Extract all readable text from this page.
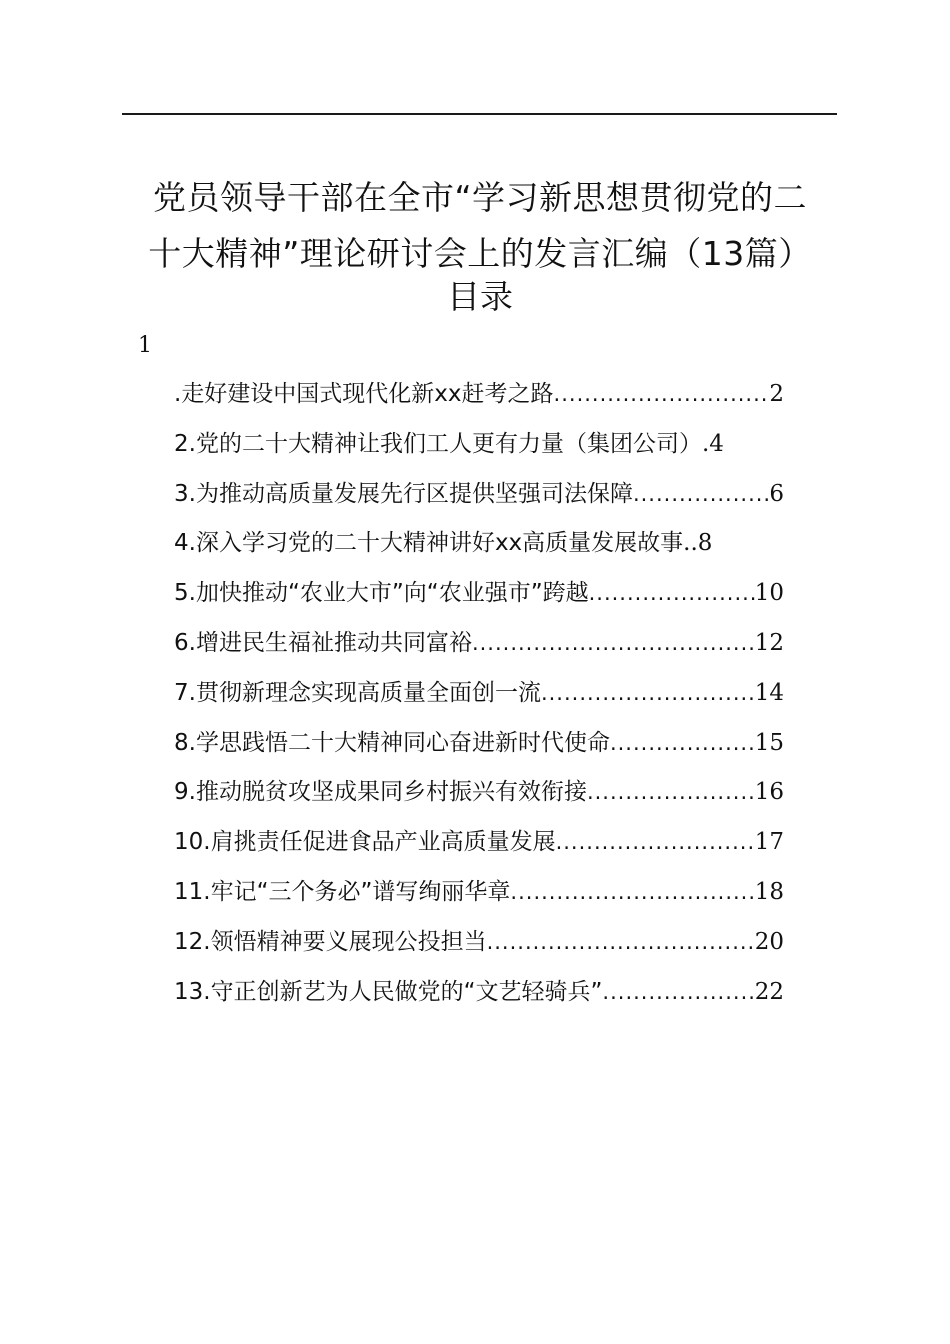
党员领导干部在全市“学习新思想贯彻党的二
十大精神”理论研讨会上的发言汇编（13篇）
目录
1
.走好建设中国式现代化新xx赶考之路 .....	2
2.党的二十大精神让我们工人更有力量（集团公司） .4
3.为推动高质量发展先行区提供坚强司法保障 .....	6
4.深入学习党的二十大精神讲好xx高质量发展故事 ..8
5.加快推动“农业大市”向“农业强市”跨越 .....	10
6.增进民生福祉推动共同富裕 .....	12
7.贯彻新理念实现高质量全面创一流 .....	14
8.学思践悟二十大精神同心奋进新时代使命 .....	15
9.推动脱贫攻坚成果同乡村振兴有效衔接 .....	16
10.肩挑责任促进食品产业高质量发展 .....	17
11.牢记“三个务必”谱写绚丽华章 .....	18
12.领悟精神要义展现公投担当 .....	20
13.守正创新艺为人民做党的“文艺轻骑兵” .....	22
